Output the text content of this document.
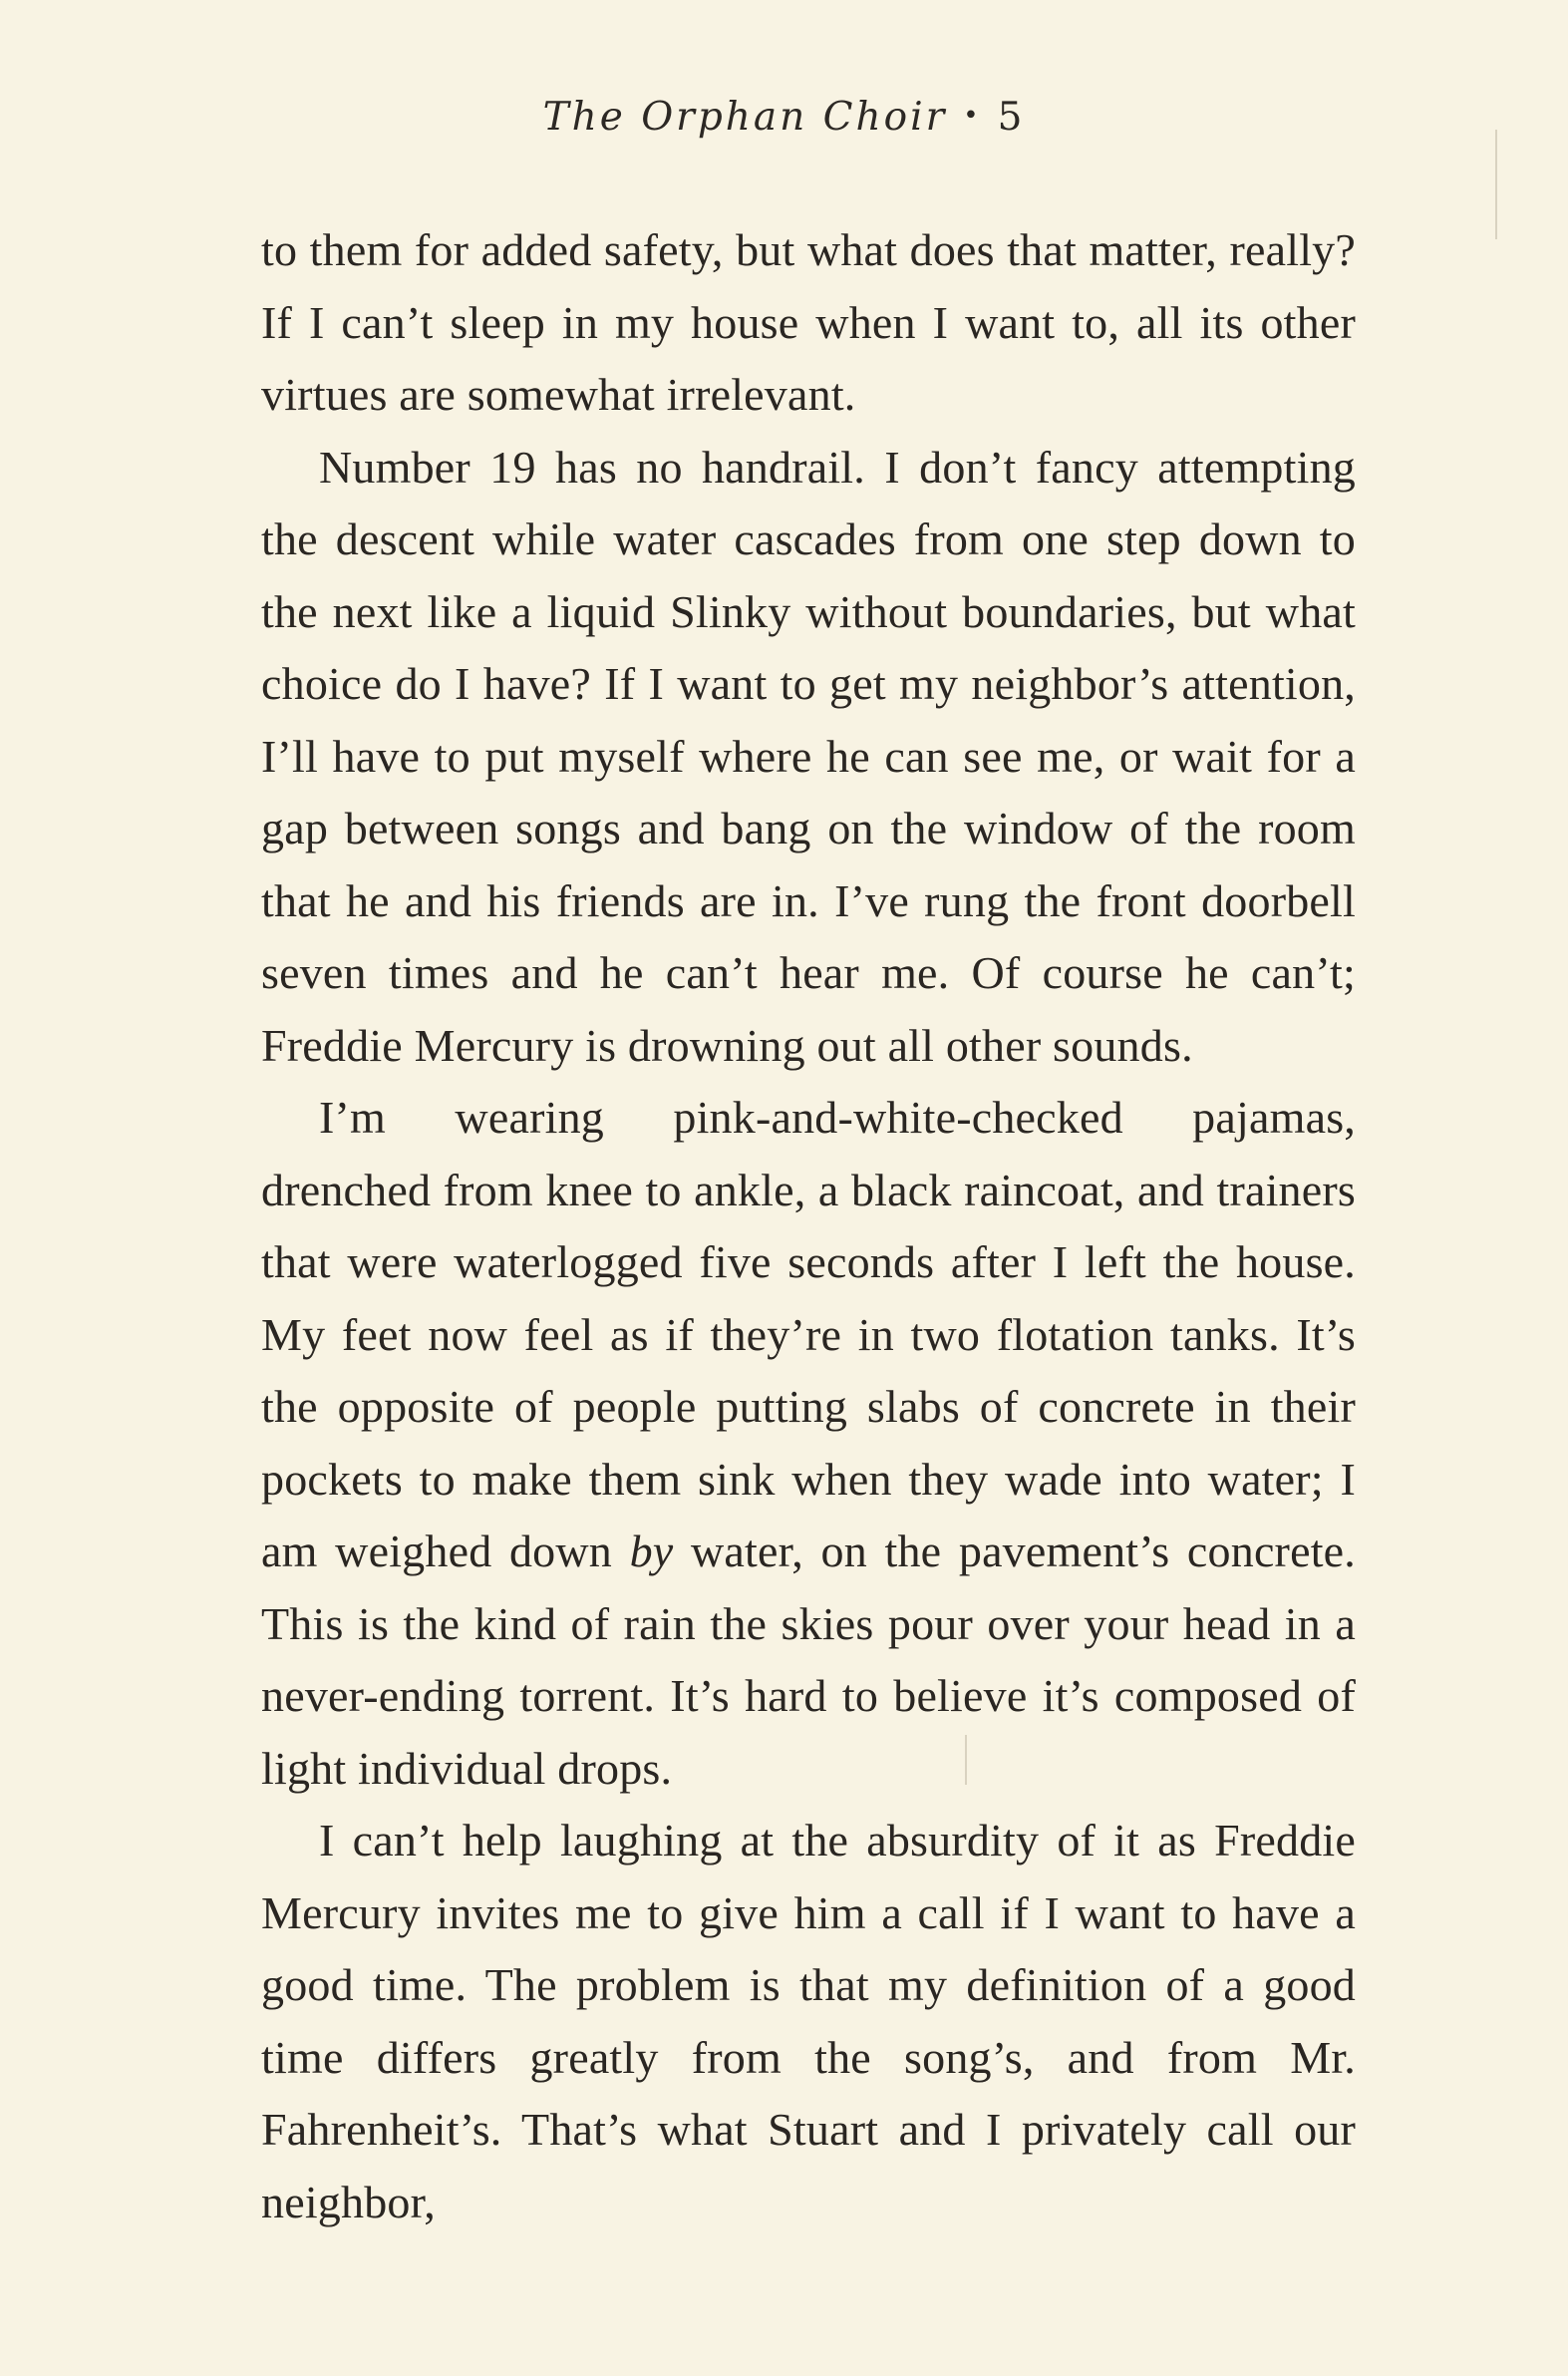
The Orphan Choir • 5

to them for added safety, but what does that matter, really? If I can’t sleep in my house when I want to, all its other virtues are somewhat irrelevant.

Number 19 has no handrail. I don’t fancy attempting the descent while water cascades from one step down to the next like a liquid Slinky without boundaries, but what choice do I have? If I want to get my neighbor’s attention, I’ll have to put myself where he can see me, or wait for a gap between songs and bang on the window of the room that he and his friends are in. I’ve rung the front doorbell seven times and he can’t hear me. Of course he can’t; Freddie Mercury is drowning out all other sounds.

I’m wearing pink-and-white-checked pajamas, drenched from knee to ankle, a black raincoat, and trainers that were waterlogged five seconds after I left the house. My feet now feel as if they’re in two flotation tanks. It’s the opposite of people putting slabs of concrete in their pockets to make them sink when they wade into water; I am weighed down by water, on the pavement’s concrete. This is the kind of rain the skies pour over your head in a never-ending torrent. It’s hard to believe it’s composed of light individual drops.

I can’t help laughing at the absurdity of it as Freddie Mercury invites me to give him a call if I want to have a good time. The problem is that my definition of a good time differs greatly from the song’s, and from Mr. Fahrenheit’s. That’s what Stuart and I privately call our neighbor,
